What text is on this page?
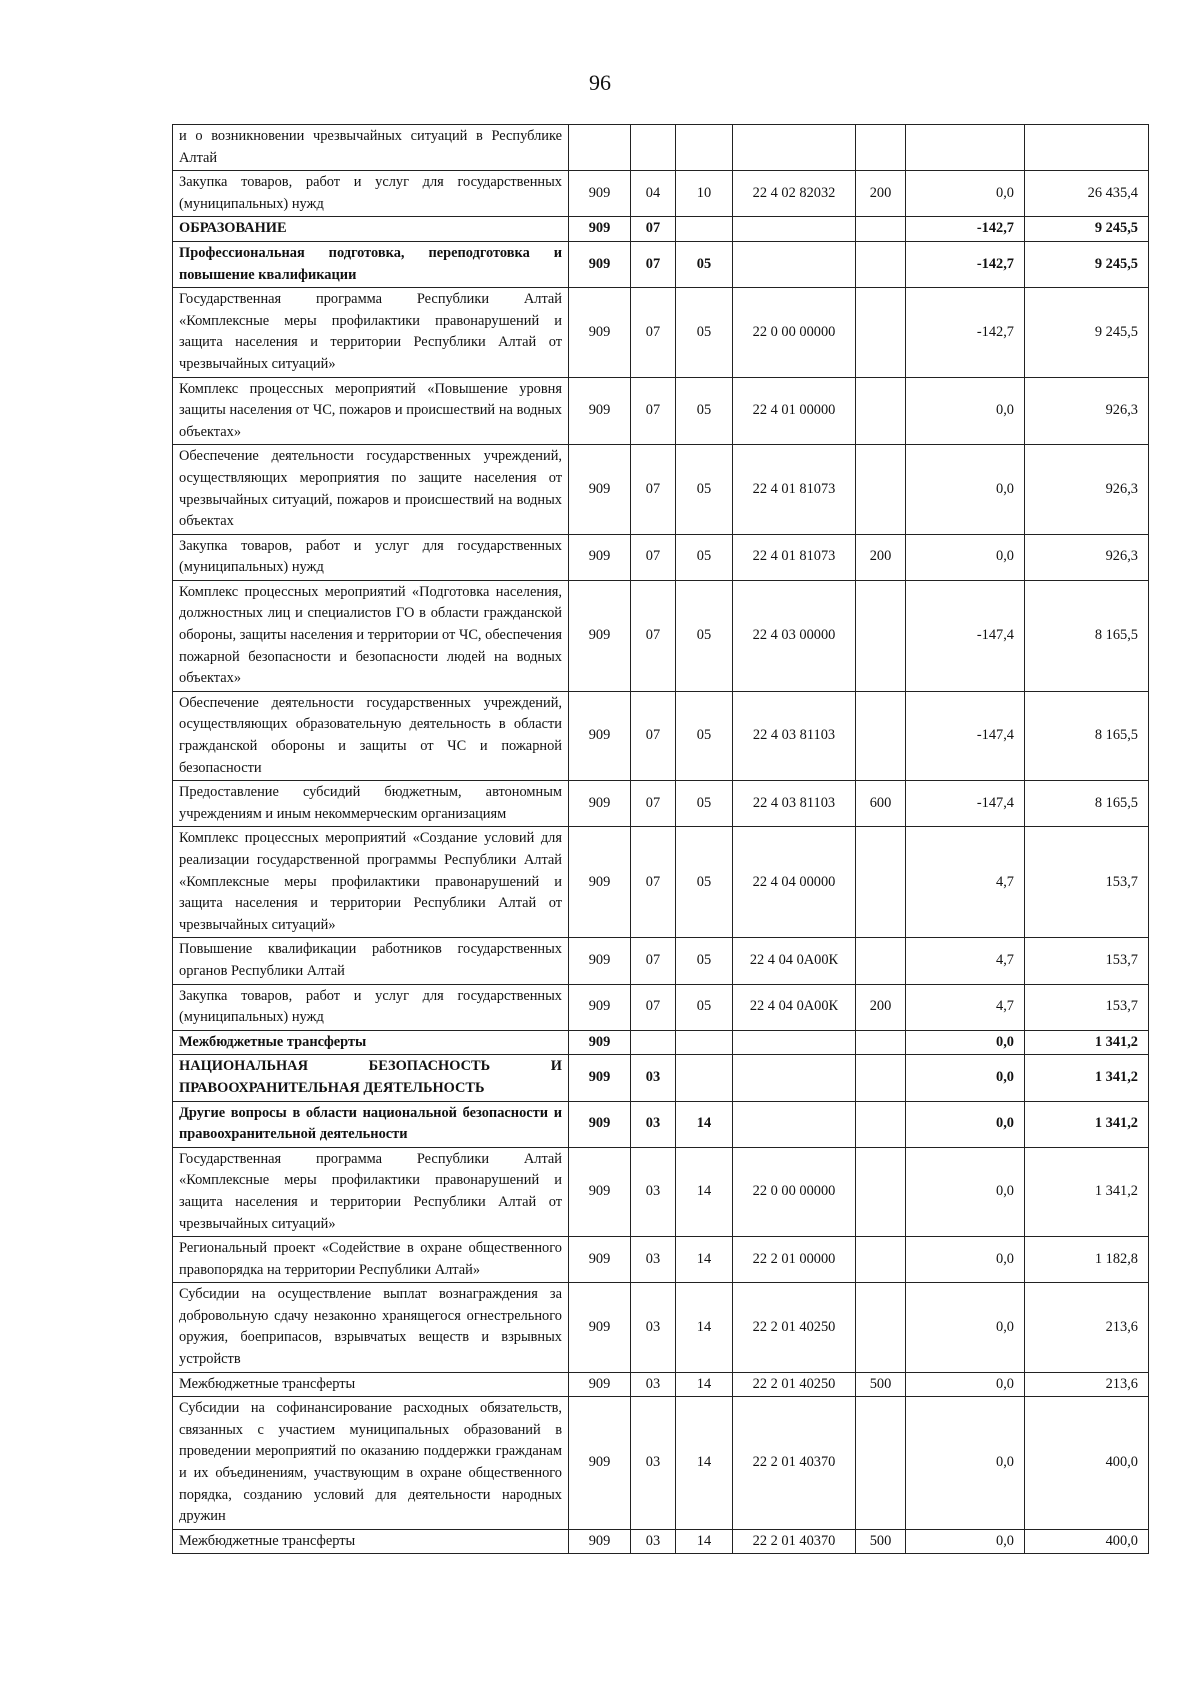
96
и о возникновении чрезвычайных ситуаций в Республике Алтай							
Закупка товаров, работ и услуг для государственных (муниципальных) нужд	909	04	10	22 4 02 82032	200	0,0	26 435,4
ОБРАЗОВАНИЕ	909	07				-142,7	9 245,5
Профессиональная подготовка, переподготовка и повышение квалификации	909	07	05			-142,7	9 245,5
Государственная программа Республики Алтай «Комплексные меры профилактики правонарушений и защита населения и территории Республики Алтай от чрезвычайных ситуаций»	909	07	05	22 0 00 00000		-142,7	9 245,5
Комплекс процессных мероприятий «Повышение уровня защиты населения от ЧС, пожаров и происшествий на водных объектах»	909	07	05	22 4 01 00000		0,0	926,3
Обеспечение деятельности государственных учреждений, осуществляющих мероприятия по защите населения от чрезвычайных ситуаций, пожаров и происшествий на водных объектах	909	07	05	22 4 01 81073		0,0	926,3
Закупка товаров, работ и услуг для государственных (муниципальных) нужд	909	07	05	22 4 01 81073	200	0,0	926,3
Комплекс процессных мероприятий «Подготовка населения, должностных лиц и специалистов ГО в области гражданской обороны, защиты населения и территории от ЧС, обеспечения пожарной безопасности и безопасности людей на водных объектах»	909	07	05	22 4 03 00000		-147,4	8 165,5
Обеспечение деятельности государственных учреждений, осуществляющих образовательную деятельность в области гражданской обороны и защиты от ЧС и пожарной безопасности	909	07	05	22 4 03 81103		-147,4	8 165,5
Предоставление субсидий бюджетным, автономным учреждениям и иным некоммерческим организациям	909	07	05	22 4 03 81103	600	-147,4	8 165,5
Комплекс процессных мероприятий «Создание условий для реализации государственной программы Республики Алтай «Комплексные меры профилактики правонарушений и защита населения и территории Республики Алтай от чрезвычайных ситуаций»	909	07	05	22 4 04 00000		4,7	153,7
Повышение квалификации работников государственных органов Республики Алтай	909	07	05	22 4 04 0А00К		4,7	153,7
Закупка товаров, работ и услуг для государственных (муниципальных) нужд	909	07	05	22 4 04 0А00К	200	4,7	153,7
Межбюджетные трансферты	909					0,0	1 341,2
НАЦИОНАЛЬНАЯ БЕЗОПАСНОСТЬ И ПРАВООХРАНИТЕЛЬНАЯ ДЕЯТЕЛЬНОСТЬ	909	03				0,0	1 341,2
Другие вопросы в области национальной безопасности и правоохранительной деятельности	909	03	14			0,0	1 341,2
Государственная программа Республики Алтай «Комплексные меры профилактики правонарушений и защита населения и территории Республики Алтай от чрезвычайных ситуаций»	909	03	14	22 0 00 00000		0,0	1 341,2
Региональный проект «Содействие в охране общественного правопорядка на территории Республики Алтай»	909	03	14	22 2 01 00000		0,0	1 182,8
Субсидии на осуществление выплат вознаграждения за добровольную сдачу незаконно хранящегося огнестрельного оружия, боеприпасов, взрывчатых веществ и взрывных устройств	909	03	14	22 2 01 40250		0,0	213,6
Межбюджетные трансферты	909	03	14	22 2 01 40250	500	0,0	213,6
Субсидии на софинансирование расходных обязательств, связанных с участием муниципальных образований в проведении мероприятий по оказанию поддержки гражданам и их объединениям, участвующим в охране общественного порядка, созданию условий для деятельности народных дружин	909	03	14	22 2 01 40370		0,0	400,0
Межбюджетные трансферты	909	03	14	22 2 01 40370	500	0,0	400,0
